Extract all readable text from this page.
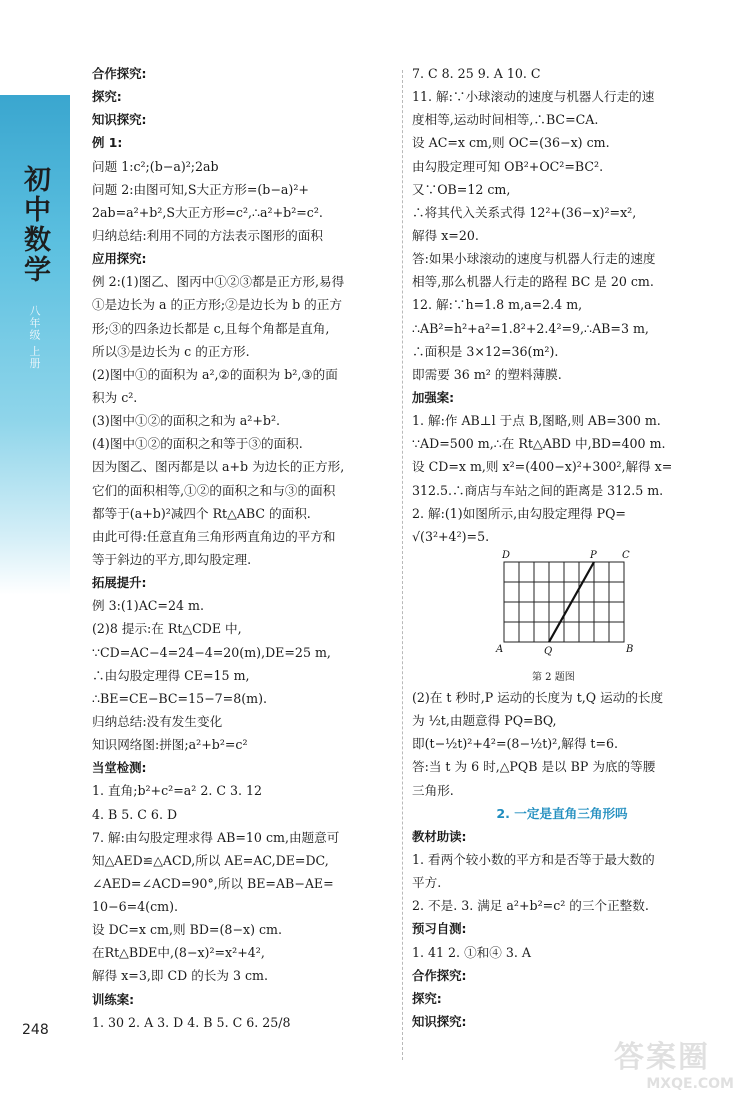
初中数学
八年级 上册
248
合作探究:
探究:
知识探究:
例 1:
问题 1:c²;(b−a)²;2ab
问题 2:由图可知,S大正方形=(b−a)²+
2ab=a²+b²,S大正方形=c²,∴a²+b²=c².
归纳总结:利用不同的方法表示图形的面积
应用探究:
例 2:(1)图乙、图丙中①②③都是正方形,易得
①是边长为 a 的正方形;②是边长为 b 的正方
形;③的四条边长都是 c,且每个角都是直角,
所以③是边长为 c 的正方形.
(2)图中①的面积为 a²,②的面积为 b²,③的面
积为 c².
(3)图中①②的面积之和为 a²+b².
(4)图中①②的面积之和等于③的面积.
因为图乙、图丙都是以 a+b 为边长的正方形,
它们的面积相等,①②的面积之和与③的面积
都等于(a+b)²减四个 Rt△ABC 的面积.
由此可得:任意直角三角形两直角边的平方和
等于斜边的平方,即勾股定理.
拓展提升:
例 3:(1)AC=24 m.
(2)8 提示:在 Rt△CDE 中,
∵CD=AC−4=24−4=20(m),DE=25 m,
∴由勾股定理得 CE=15 m,
∴BE=CE−BC=15−7=8(m).
归纳总结:没有发生变化
知识网络图:拼图;a²+b²=c²
当堂检测:
1. 直角;b²+c²=a² 2. C 3. 12
4. B 5. C 6. D
7. 解:由勾股定理求得 AB=10 cm,由题意可
知△AED≌△ACD,所以 AE=AC,DE=DC,
∠AED=∠ACD=90°,所以 BE=AB−AE=
10−6=4(cm).
设 DC=x cm,则 BD=(8−x) cm.
在Rt△BDE中,(8−x)²=x²+4²,
解得 x=3,即 CD 的长为 3 cm.
训练案:
1. 30 2. A 3. D 4. B 5. C 6. 25/8
7. C 8. 25 9. A 10. C
11. 解:∵小球滚动的速度与机器人行走的速
度相等,运动时间相等,∴BC=CA.
设 AC=x cm,则 OC=(36−x) cm.
由勾股定理可知 OB²+OC²=BC².
又∵OB=12 cm,
∴将其代入关系式得 12²+(36−x)²=x²,
解得 x=20.
答:如果小球滚动的速度与机器人行走的速度
相等,那么机器人行走的路程 BC 是 20 cm.
12. 解:∵h=1.8 m,a=2.4 m,
∴AB²=h²+a²=1.8²+2.4²=9,∴AB=3 m,
∴面积是 3×12=36(m²).
即需要 36 m² 的塑料薄膜.
加强案:
1. 解:作 AB⊥l 于点 B,图略,则 AB=300 m.
∵AD=500 m,∴在 Rt△ABD 中,BD=400 m.
设 CD=x m,则 x²=(400−x)²+300²,解得 x=
312.5.∴商店与车站之间的距离是 312.5 m.
2. 解:(1)如图所示,由勾股定理得 PQ=
√(3²+4²)=5.
D	P	C
A	Q	B
第 2 题图
(2)在 t 秒时,P 运动的长度为 t,Q 运动的长度
为 ½t,由题意得 PQ=BQ,
即(t−½t)²+4²=(8−½t)²,解得 t=6.
答:当 t 为 6 时,△PQB 是以 BP 为底的等腰
三角形.
2. 一定是直角三角形吗
教材助读:
1. 看两个较小数的平方和是否等于最大数的
平方.
2. 不是. 3. 满足 a²+b²=c² 的三个正整数.
预习自测:
1. 41 2. ①和④ 3. A
合作探究:
探究:
知识探究:
答案圈
MXQE.COM
